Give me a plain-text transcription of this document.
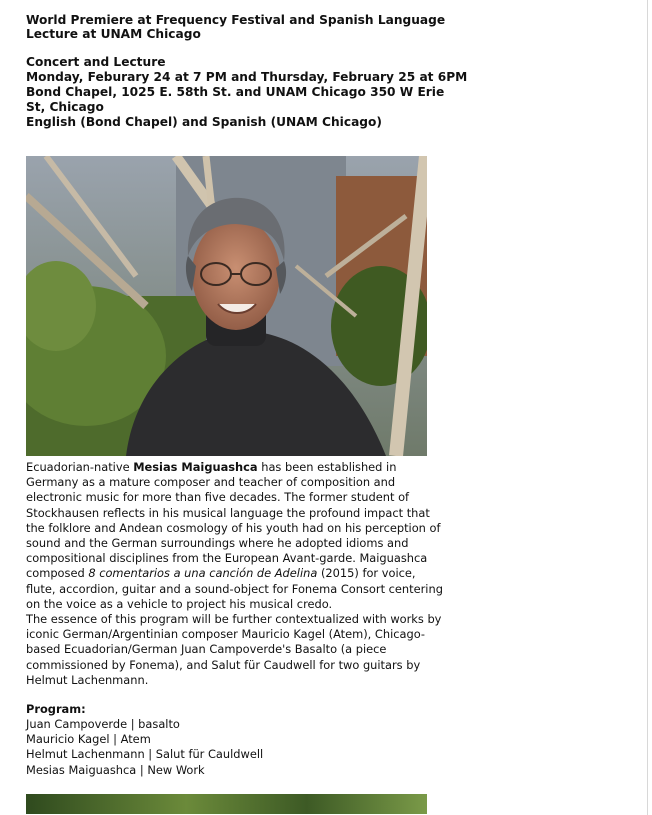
World Premiere at Frequency Festival and Spanish Language
Lecture at UNAM Chicago
Concert and Lecture
Monday, Feburary 24 at 7 PM and Thursday, February 25 at 6PM
Bond Chapel, 1025 E. 58th St. and UNAM Chicago 350 W Erie St, Chicago
English (Bond Chapel) and Spanish (UNAM Chicago)
Ecuadorian-native Mesias Maiguashca has been established in Germany as a mature composer and teacher of composition and electronic music for more than five decades. The former student of Stockhausen reflects in his musical language the profound impact that the folklore and Andean cosmology of his youth had on his perception of sound and the German surroundings where he adopted idioms and compositional disciplines from the European Avant-garde. Maiguashca composed 8 comentarios a una canción de Adelina (2015) for voice, flute, accordion, guitar and a sound-object for Fonema Consort centering on the voice as a vehicle to project his musical credo.
The essence of this program will be further contextualized with works by iconic German/Argentinian composer Mauricio Kagel (Atem), Chicago-based Ecuadorian/German Juan Campoverde's Basalto (a piece commissioned by Fonema), and Salut für Caudwell for two guitars by Helmut Lachenmann.
Program:
Juan Campoverde | basalto
Mauricio Kagel | Atem
Helmut Lachenmann | Salut für Cauldwell
Mesias Maiguashca | New Work
